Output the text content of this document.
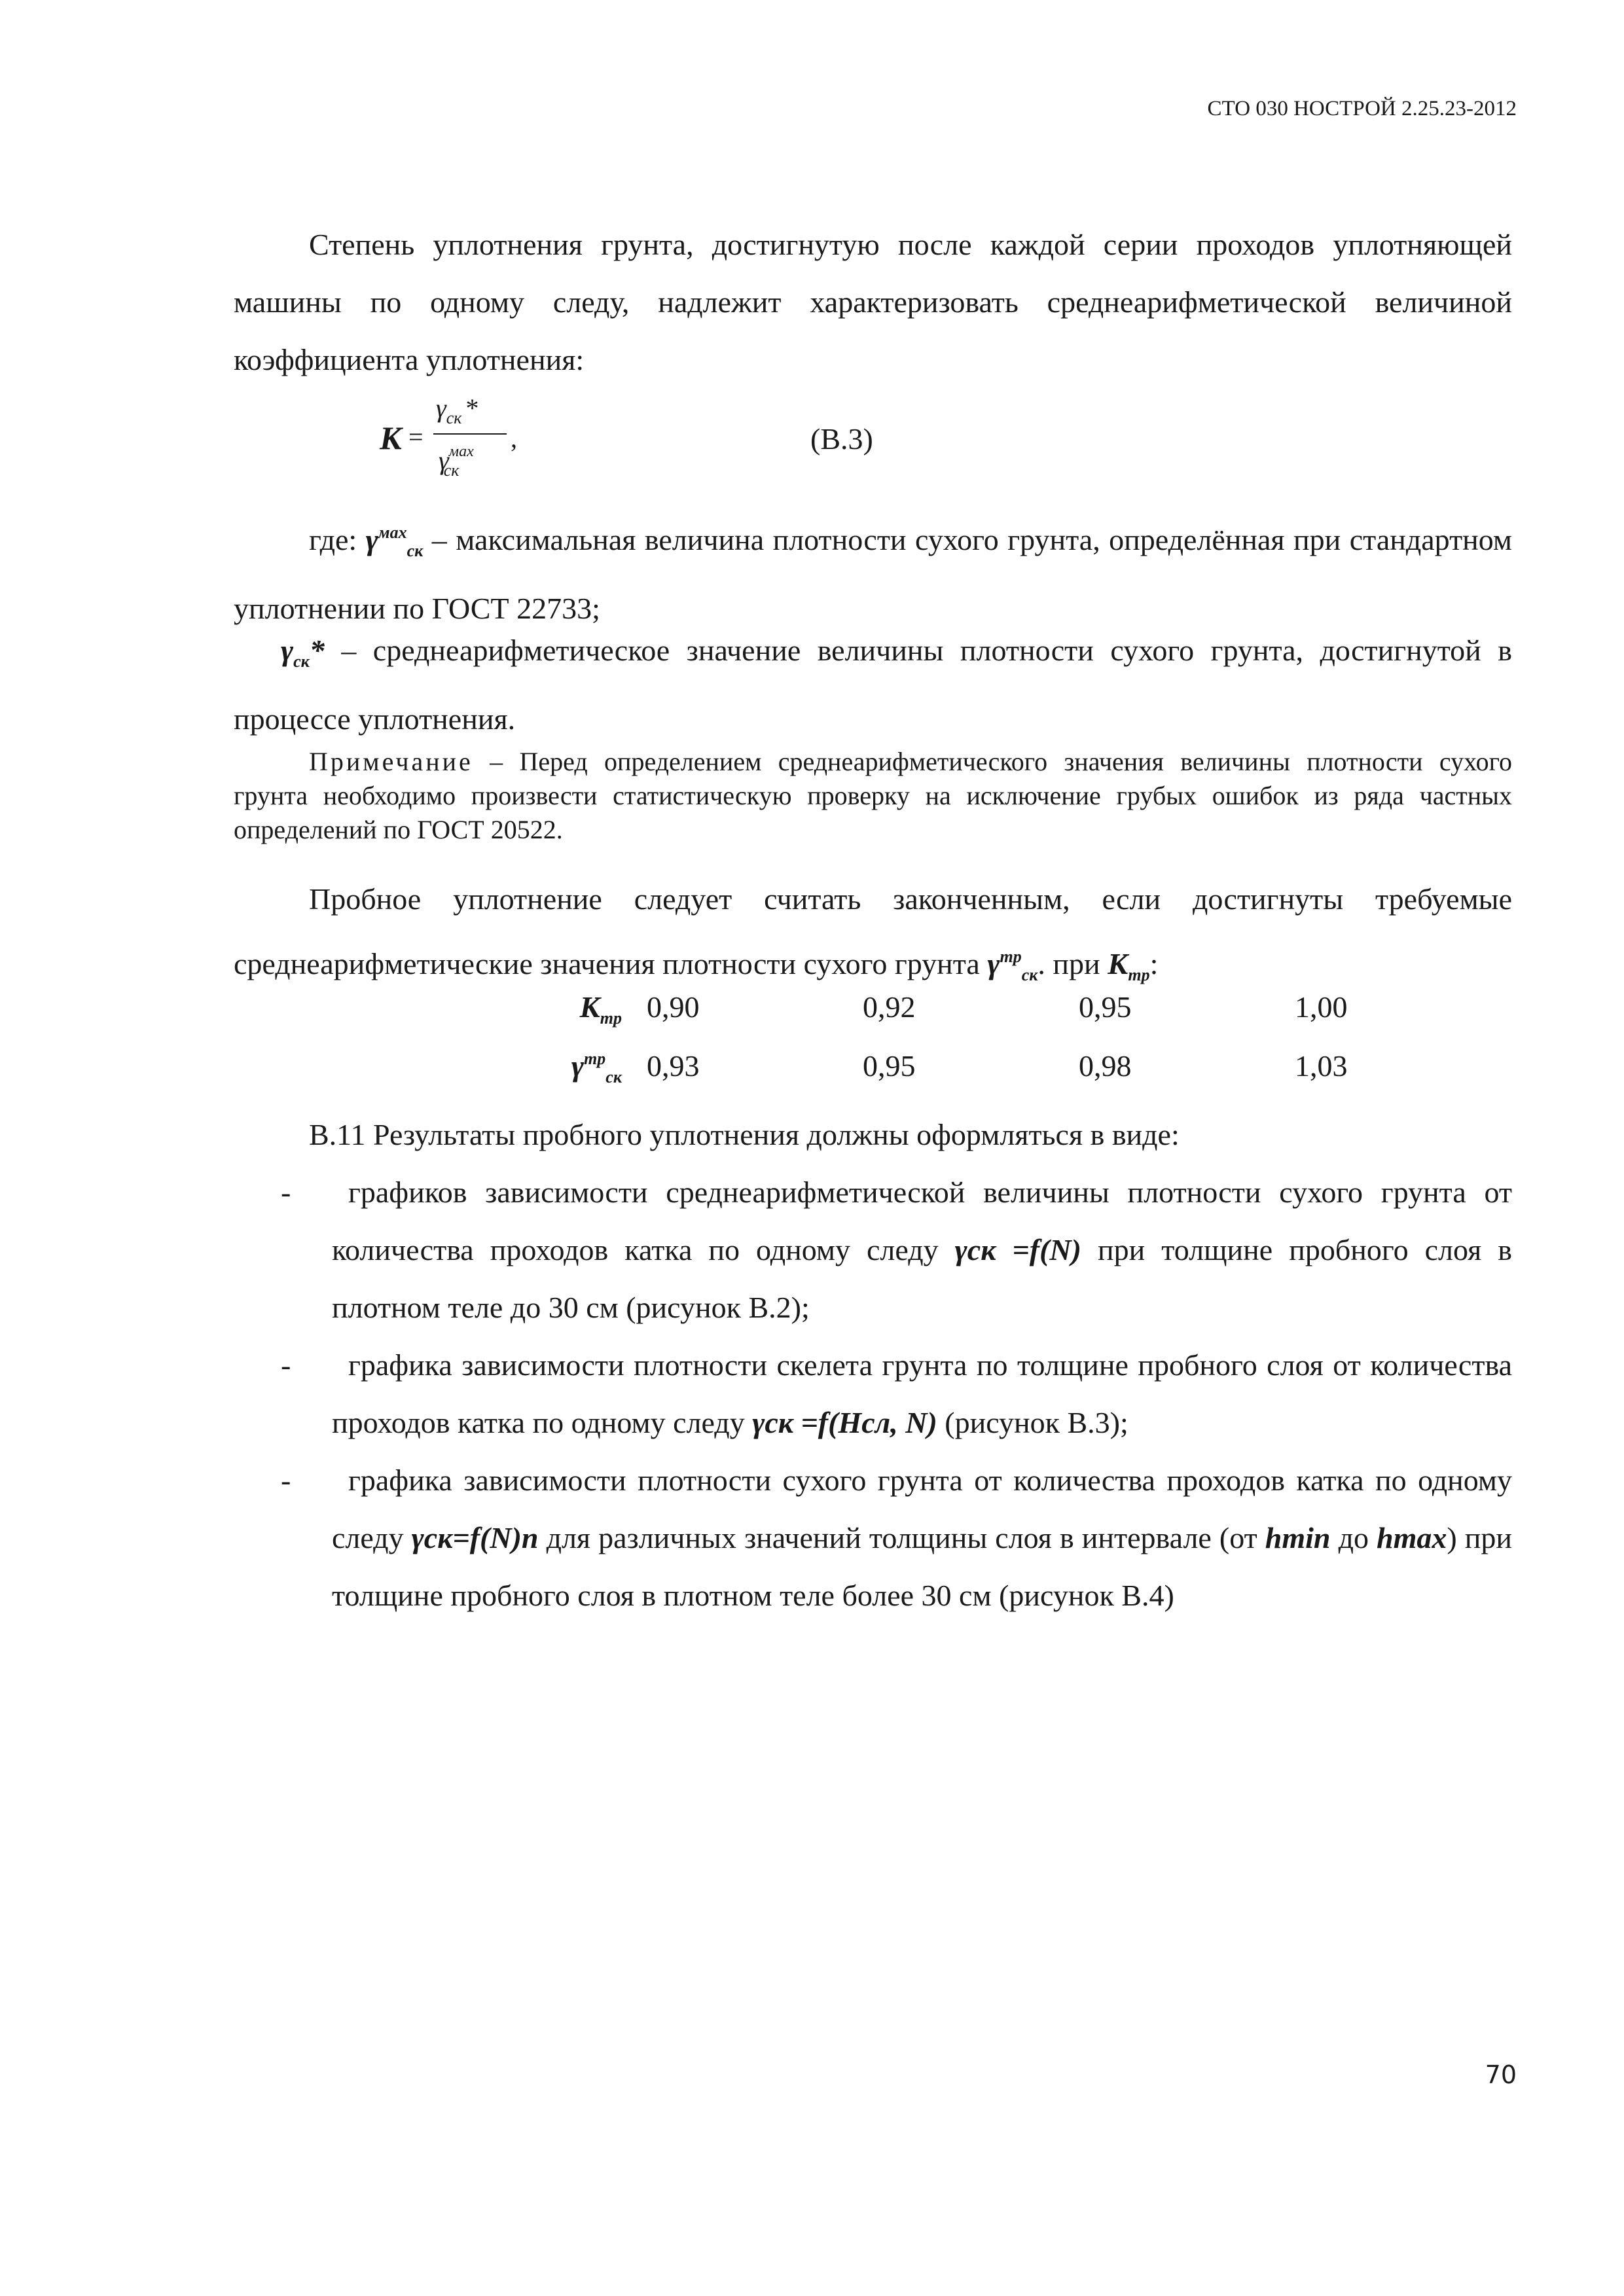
СТО 030 НОСТРОЙ 2.25.23-2012
Степень уплотнения грунта, достигнутую после каждой серии проходов уплотняющей машины по одному следу, надлежит характеризовать среднеарифметической величиной коэффициента уплотнения:
К =
$\gamma_{ск}$ *
$\gamma^{мах}_{ск}$
,	(В.3)
где: $\gamma^{мах}_{ск}$ – максимальная величина плотности сухого грунта, определённая при стандартном уплотнении по ГОСТ 22733;
$\gamma_{ск}*$ – среднеарифметическое значение величины плотности сухого грунта, достигнутой в процессе уплотнения.
Примечание – Перед определением среднеарифметического значения величины плотности сухого грунта необходимо произвести статистическую проверку на исключение грубых ошибок из ряда частных определений по ГОСТ 20522.
Пробное уплотнение следует считать законченным, если достигнуты требуемые среднеарифметические значения плотности сухого грунта $\gamma^{тр}_{ск}$. при $К_{тр}$:
$К_{тр}$ 0,90	0,92	0,95	1,00
$\gamma^{тр}_{ск}$ 0,93	0,95	0,98	1,03
В.11 Результаты пробного уплотнения должны оформляться в виде:
-	графиков зависимости среднеарифметической величины плотности сухого грунта от количества проходов катка по одному следу γск =f(N) при толщине пробного слоя в плотном теле до 30 см (рисунок В.2);
-	графика зависимости плотности скелета грунта по толщине пробного слоя от количества проходов катка по одному следу γск =f(Hсл, N) (рисунок В.3);
-	графика зависимости плотности сухого грунта от количества проходов катка по одному следу γск=f(N)n для различных значений толщины слоя в интервале (от hmin до hmax) при толщине пробного слоя в плотном теле более 30 см (рисунок В.4)
70
